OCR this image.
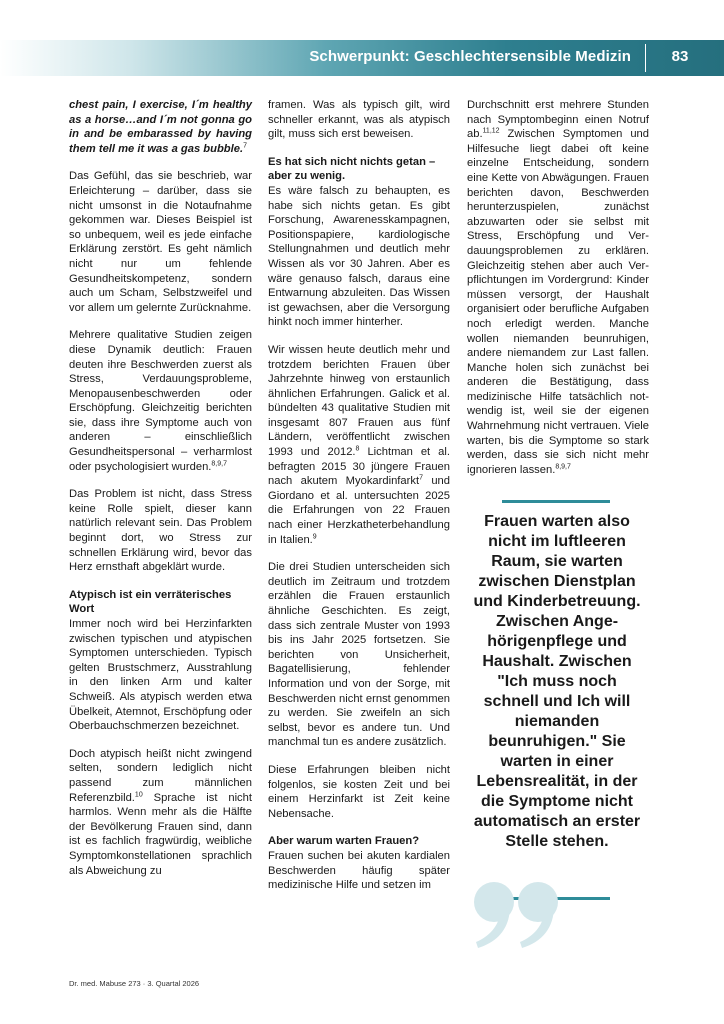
Schwerpunkt: Geschlechtersensible Medizin	83

chest pain, I exercise, I´m healthy as a horse…and I´m not gonna go in and be embarassed by having them tell me it was a gas bubble.$^7$

Das Gefühl, das sie beschrieb, war Erleichterung – darüber, dass sie nicht umsonst in die Notaufnahme gekommen war. Dieses Beispiel ist so unbequem, weil es jede einfache Erklärung zerstört. Es geht nämlich nicht nur um fehlende Gesundheitskompetenz, sondern auch um Scham, Selbstzweifel und vor allem um gelernte Zurücknahme.

Mehrere qualitative Studien zeigen diese Dynamik deutlich: Frauen deuten ihre Beschwerden zuerst als Stress, Verdauungsprobleme, Menopausenbeschwerden oder Erschöpfung. Gleichzeitig berichten sie, dass ihre Symptome auch von anderen – einschließlich Gesundheitspersonal – verharmlost oder psychologisiert wurden.$^{8,9,7}$

Das Problem ist nicht, dass Stress keine Rolle spielt, dieser kann natürlich relevant sein. Das Problem beginnt dort, wo Stress zur schnellen Erklärung wird, bevor das Herz ernsthaft abgeklärt wurde.

Atypisch ist ein verräterisches Wort

Immer noch wird bei Herzinfarkten zwischen typischen und atypischen Symptomen unterschieden. Typisch gelten Brustschmerz, Ausstrahlung in den linken Arm und kalter Schweiß. Als atypisch werden etwa Übelkeit, Atemnot, Erschöpfung oder Oberbauchschmerzen bezeichnet.

Doch atypisch heißt nicht zwingend selten, sondern lediglich nicht passend zum männlichen Referenzbild.$^{10}$ Sprache ist nicht harmlos. Wenn mehr als die Hälfte der Bevölkerung Frauen sind, dann ist es fachlich fragwürdig, weibliche Symptomkonstellationen sprachlich als Abweichung zu

framen. Was als typisch gilt, wird schneller erkannt, was als atypisch gilt, muss sich erst beweisen.

Es hat sich nicht nichts getan – aber zu wenig.

Es wäre falsch zu behaupten, es habe sich nichts getan. Es gibt Forschung, Awarenesskampagnen, Positionspapiere, kardiologische Stellungnahmen und deutlich mehr Wissen als vor 30 Jahren. Aber es wäre genauso falsch, daraus eine Entwarnung abzuleiten. Das Wissen ist gewachsen, aber die Versorgung hinkt noch immer hinterher.

Wir wissen heute deutlich mehr und trotzdem berichten Frauen über Jahrzehnte hinweg von erstaunlich ähnlichen Erfahrungen. Galick et al. bündelten 43 qualitative Studien mit insgesamt 807 Frauen aus fünf Ländern, veröffentlicht zwischen 1993 und 2012.$^8$ Lichtman et al. befragten 2015 30 jüngere Frauen nach akutem Myokardinfarkt$^7$ und Giordano et al. untersuchten 2025 die Erfahrungen von 22 Frauen nach einer Herzkatheterbehandlung in Italien.$^9$

Die drei Studien unterscheiden sich deutlich im Zeitraum und trotzdem erzählen die Frauen erstaunlich ähnliche Geschichten. Es zeigt, dass sich zentrale Muster von 1993 bis ins Jahr 2025 fortsetzen. Sie berichten von Unsicherheit, Bagatellisierung, fehlender Information und von der Sorge, mit Beschwerden nicht ernst genommen zu werden. Sie zweifeln an sich selbst, bevor es andere tun. Und manchmal tun es andere zusätzlich.

Diese Erfahrungen bleiben nicht folgenlos, sie kosten Zeit und bei einem Herzinfarkt ist Zeit keine Nebensache.

Aber warum warten Frauen?

Frauen suchen bei akuten kardialen Beschwerden häufig später medizinische Hilfe und setzen im

Durchschnitt erst mehrere Stunden nach Symptombeginn einen Notruf ab.$^{11,12}$ Zwischen Symptomen und Hilfesuche liegt dabei oft keine einzelne Entscheidung, sondern eine Kette von Abwägungen. Frauen berichten davon, Beschwerden herunterzuspielen, zunächst abzuwarten oder sie selbst mit Stress, Erschöpfung und Verdauungsproblemen zu erklären. Gleichzeitig stehen aber auch Verpflichtungen im Vordergrund: Kinder müssen versorgt, der Haushalt organisiert oder berufliche Aufgaben noch erledigt werden. Manche wollen niemanden beunruhigen, andere niemandem zur Last fallen. Manche holen sich zunächst bei anderen die Bestätigung, dass medizinische Hilfe tatsächlich notwendig ist, weil sie der eigenen Wahrnehmung nicht vertrauen. Viele warten, bis die Symptome so stark werden, dass sie sich nicht mehr ignorieren lassen.$^{8,9,7}$

Frauen warten also nicht im luftleeren Raum, sie warten zwischen Dienstplan und Kinderbetreuung. Zwischen Angehörigenpflege und Haushalt. Zwischen "Ich muss noch schnell und Ich will niemanden beunruhigen." Sie warten in einer Lebensrealität, in der die Symptome nicht automatisch an erster Stelle stehen.
Dr. med. Mabuse 273 · 3. Quartal 2026
